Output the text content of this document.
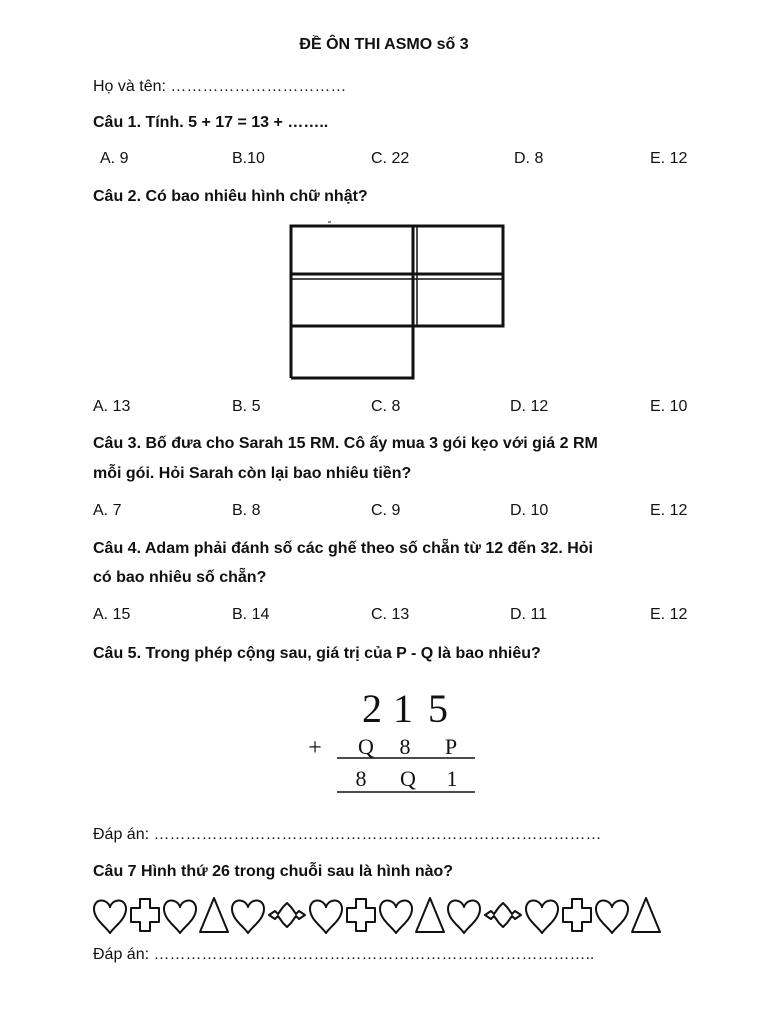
ĐỀ ÔN THI ASMO số 3
Họ và tên: ……………………………
Câu 1. Tính. 5 + 17 = 13 + ……..
A. 9	B.10	C. 22	D. 8	E. 12
Câu 2. Có bao nhiêu hình chữ nhật?
A. 13	B. 5	C. 8	D. 12	E. 10
Câu 3. Bố đưa cho Sarah 15 RM. Cô ấy mua 3 gói kẹo với giá 2 RM
mỗi gói. Hỏi Sarah còn lại bao nhiêu tiền?
A. 7	B. 8	C. 9	D. 10	E. 12
Câu 4. Adam phải đánh số các ghế theo số chẵn từ 12 đến 32. Hỏi
có bao nhiêu số chẵn?
A. 15	B. 14	C. 13	D. 11	E. 12
Câu 5. Trong phép cộng sau, giá trị của P - Q là bao nhiêu?
2 1 5
+ Q 8 P
8 Q 1
Đáp án: …………………………………………………………………………
Câu 7 Hình thứ 26 trong chuỗi sau là hình nào?
Đáp án: ………………………………………………………………………..
